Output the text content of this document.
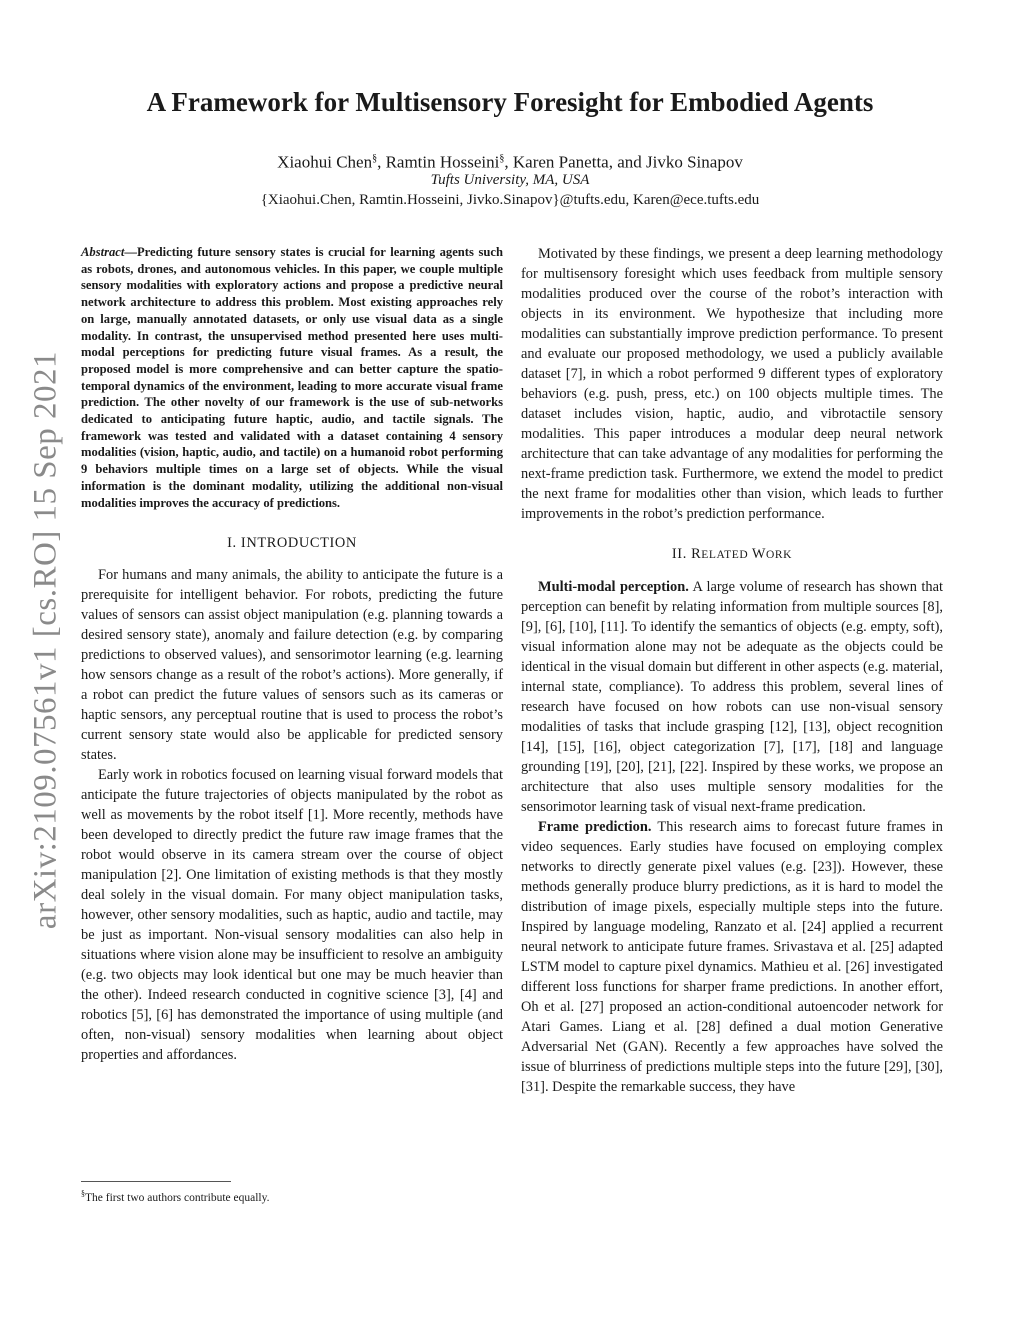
arXiv:2109.07561v1 [cs.RO] 15 Sep 2021
A Framework for Multisensory Foresight for Embodied Agents
Xiaohui Chen§, Ramtin Hosseini§, Karen Panetta, and Jivko Sinapov
Tufts University, MA, USA
{Xiaohui.Chen, Ramtin.Hosseini, Jivko.Sinapov}@tufts.edu, Karen@ece.tufts.edu

Abstract—Predicting future sensory states is crucial for learning agents such as robots, drones, and autonomous vehicles. In this paper, we couple multiple sensory modalities with exploratory actions and propose a predictive neural network architecture to address this problem. Most existing approaches rely on large, manually annotated datasets, or only use visual data as a single modality. In contrast, the unsupervised method presented here uses multi-modal perceptions for predicting future visual frames. As a result, the proposed model is more comprehensive and can better capture the spatio-temporal dynamics of the environment, leading to more accurate visual frame prediction. The other novelty of our framework is the use of sub-networks dedicated to anticipating future haptic, audio, and tactile signals. The framework was tested and validated with a dataset containing 4 sensory modalities (vision, haptic, audio, and tactile) on a humanoid robot performing 9 behaviors multiple times on a large set of objects. While the visual information is the dominant modality, utilizing the additional non-visual modalities improves the accuracy of predictions.

I. INTRODUCTION

For humans and many animals, the ability to anticipate the future is a prerequisite for intelligent behavior. For robots, predicting the future values of sensors can assist object manipulation (e.g. planning towards a desired sensory state), anomaly and failure detection (e.g. by comparing predictions to observed values), and sensorimotor learning (e.g. learning how sensors change as a result of the robot’s actions). More generally, if a robot can predict the future values of sensors such as its cameras or haptic sensors, any perceptual routine that is used to process the robot’s current sensory state would also be applicable for predicted sensory states.

Early work in robotics focused on learning visual forward models that anticipate the future trajectories of objects manipulated by the robot as well as movements by the robot itself [1]. More recently, methods have been developed to directly predict the future raw image frames that the robot would observe in its camera stream over the course of object manipulation [2]. One limitation of existing methods is that they mostly deal solely in the visual domain. For many object manipulation tasks, however, other sensory modalities, such as haptic, audio and tactile, may be just as important. Non-visual sensory modalities can also help in situations where vision alone may be insufficient to resolve an ambiguity (e.g. two objects may look identical but one may be much heavier than the other). Indeed research conducted in cognitive science [3], [4] and robotics [5], [6] has demonstrated the importance of using multiple (and often, non-visual) sensory modalities when learning about object properties and affordances.

Motivated by these findings, we present a deep learning methodology for multisensory foresight which uses feedback from multiple sensory modalities produced over the course of the robot’s interaction with objects in its environment. We hypothesize that including more modalities can substantially improve prediction performance. To present and evaluate our proposed methodology, we used a publicly available dataset [7], in which a robot performed 9 different types of exploratory behaviors (e.g. push, press, etc.) on 100 objects multiple times. The dataset includes vision, haptic, audio, and vibrotactile sensory modalities. This paper introduces a modular deep neural network architecture that can take advantage of any modalities for performing the next-frame prediction task. Furthermore, we extend the model to predict the next frame for modalities other than vision, which leads to further improvements in the robot’s prediction performance.

II. RELATED WORK

Multi-modal perception. A large volume of research has shown that perception can benefit by relating information from multiple sources [8], [9], [6], [10], [11]. To identify the semantics of objects (e.g. empty, soft), visual information alone may not be adequate as the objects could be identical in the visual domain but different in other aspects (e.g. material, internal state, compliance). To address this problem, several lines of research have focused on how robots can use non-visual sensory modalities of tasks that include grasping [12], [13], object recognition [14], [15], [16], object categorization [7], [17], [18] and language grounding [19], [20], [21], [22]. Inspired by these works, we propose an architecture that also uses multiple sensory modalities for the sensorimotor learning task of visual next-frame predication.

Frame prediction. This research aims to forecast future frames in video sequences. Early studies have focused on employing complex networks to directly generate pixel values (e.g. [23]). However, these methods generally produce blurry predictions, as it is hard to model the distribution of image pixels, especially multiple steps into the future. Inspired by language modeling, Ranzato et al. [24] applied a recurrent neural network to anticipate future frames. Srivastava et al. [25] adapted LSTM model to capture pixel dynamics. Mathieu et al. [26] investigated different loss functions for sharper frame predictions. In another effort, Oh et al. [27] proposed an action-conditional autoencoder network for Atari Games. Liang et al. [28] defined a dual motion Generative Adversarial Net (GAN). Recently a few approaches have solved the issue of blurriness of predictions multiple steps into the future [29], [30], [31]. Despite the remarkable success, they have

§The first two authors contribute equally.
